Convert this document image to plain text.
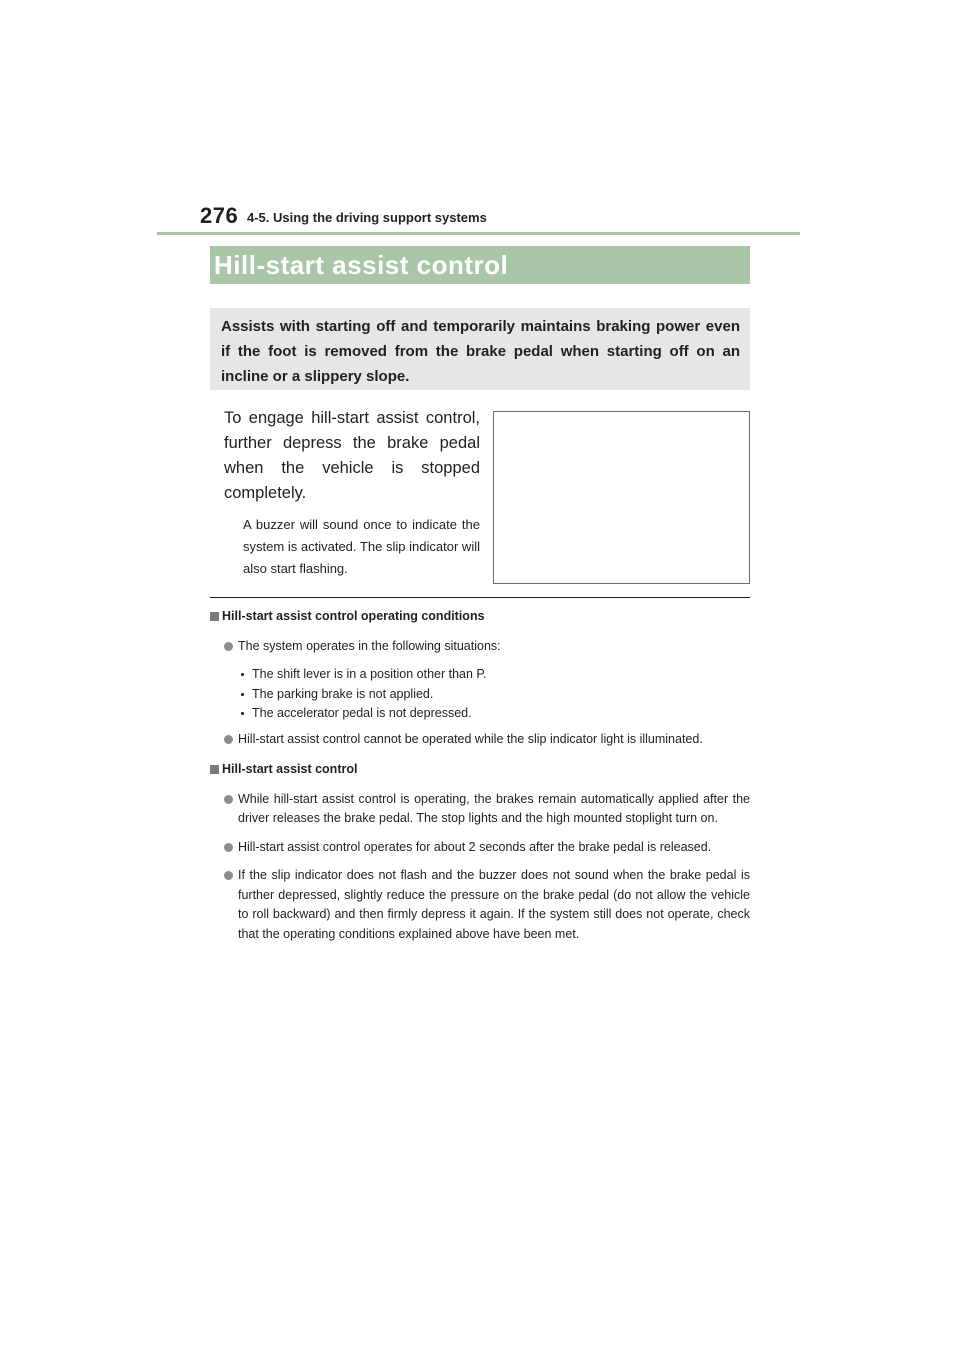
276 4-5. Using the driving support systems
Hill-start assist control

Assists with starting off and temporarily maintains braking power even if the foot is removed from the brake pedal when starting off on an incline or a slippery slope.

To engage hill-start assist control, further depress the brake pedal when the vehicle is stopped completely.

A buzzer will sound once to indicate the system is activated. The slip indicator will also start flashing.

Hill-start assist control operating conditions

The system operates in the following situations:

The shift lever is in a position other than P.

The parking brake is not applied.

The accelerator pedal is not depressed.

Hill-start assist control cannot be operated while the slip indicator light is illuminated.

Hill-start assist control

While hill-start assist control is operating, the brakes remain automatically applied after the driver releases the brake pedal. The stop lights and the high mounted stoplight turn on.

Hill-start assist control operates for about 2 seconds after the brake pedal is released.

If the slip indicator does not flash and the buzzer does not sound when the brake pedal is further depressed, slightly reduce the pressure on the brake pedal (do not allow the vehicle to roll backward) and then firmly depress it again. If the system still does not operate, check that the operating conditions explained above have been met.
